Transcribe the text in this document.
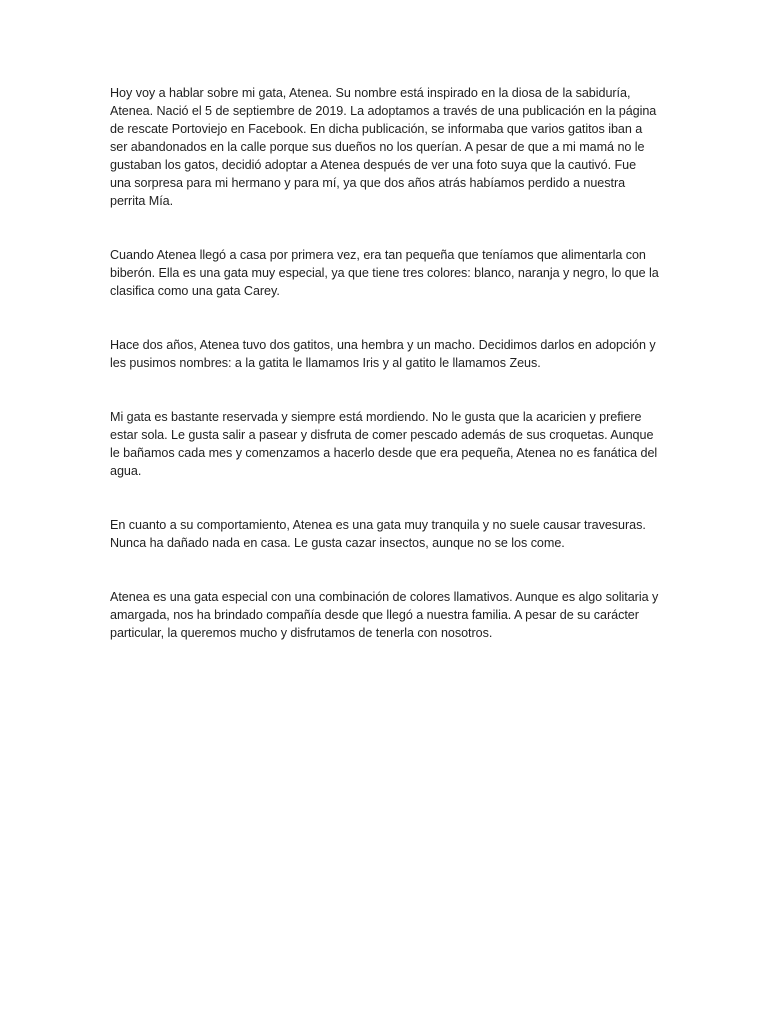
Hoy voy a hablar sobre mi gata, Atenea. Su nombre está inspirado en la diosa de la sabiduría, Atenea. Nació el 5 de septiembre de 2019. La adoptamos a través de una publicación en la página de rescate Portoviejo en Facebook. En dicha publicación, se informaba que varios gatitos iban a ser abandonados en la calle porque sus dueños no los querían. A pesar de que a mi mamá no le gustaban los gatos, decidió adoptar a Atenea después de ver una foto suya que la cautivó. Fue una sorpresa para mi hermano y para mí, ya que dos años atrás habíamos perdido a nuestra perrita Mía.

Cuando Atenea llegó a casa por primera vez, era tan pequeña que teníamos que alimentarla con biberón. Ella es una gata muy especial, ya que tiene tres colores: blanco, naranja y negro, lo que la clasifica como una gata Carey.

Hace dos años, Atenea tuvo dos gatitos, una hembra y un macho. Decidimos darlos en adopción y les pusimos nombres: a la gatita le llamamos Iris y al gatito le llamamos Zeus.

Mi gata es bastante reservada y siempre está mordiendo. No le gusta que la acaricien y prefiere estar sola. Le gusta salir a pasear y disfruta de comer pescado además de sus croquetas. Aunque le bañamos cada mes y comenzamos a hacerlo desde que era pequeña, Atenea no es fanática del agua.

En cuanto a su comportamiento, Atenea es una gata muy tranquila y no suele causar travesuras. Nunca ha dañado nada en casa. Le gusta cazar insectos, aunque no se los come.

Atenea es una gata especial con una combinación de colores llamativos. Aunque es algo solitaria y amargada, nos ha brindado compañía desde que llegó a nuestra familia. A pesar de su carácter particular, la queremos mucho y disfrutamos de tenerla con nosotros.
